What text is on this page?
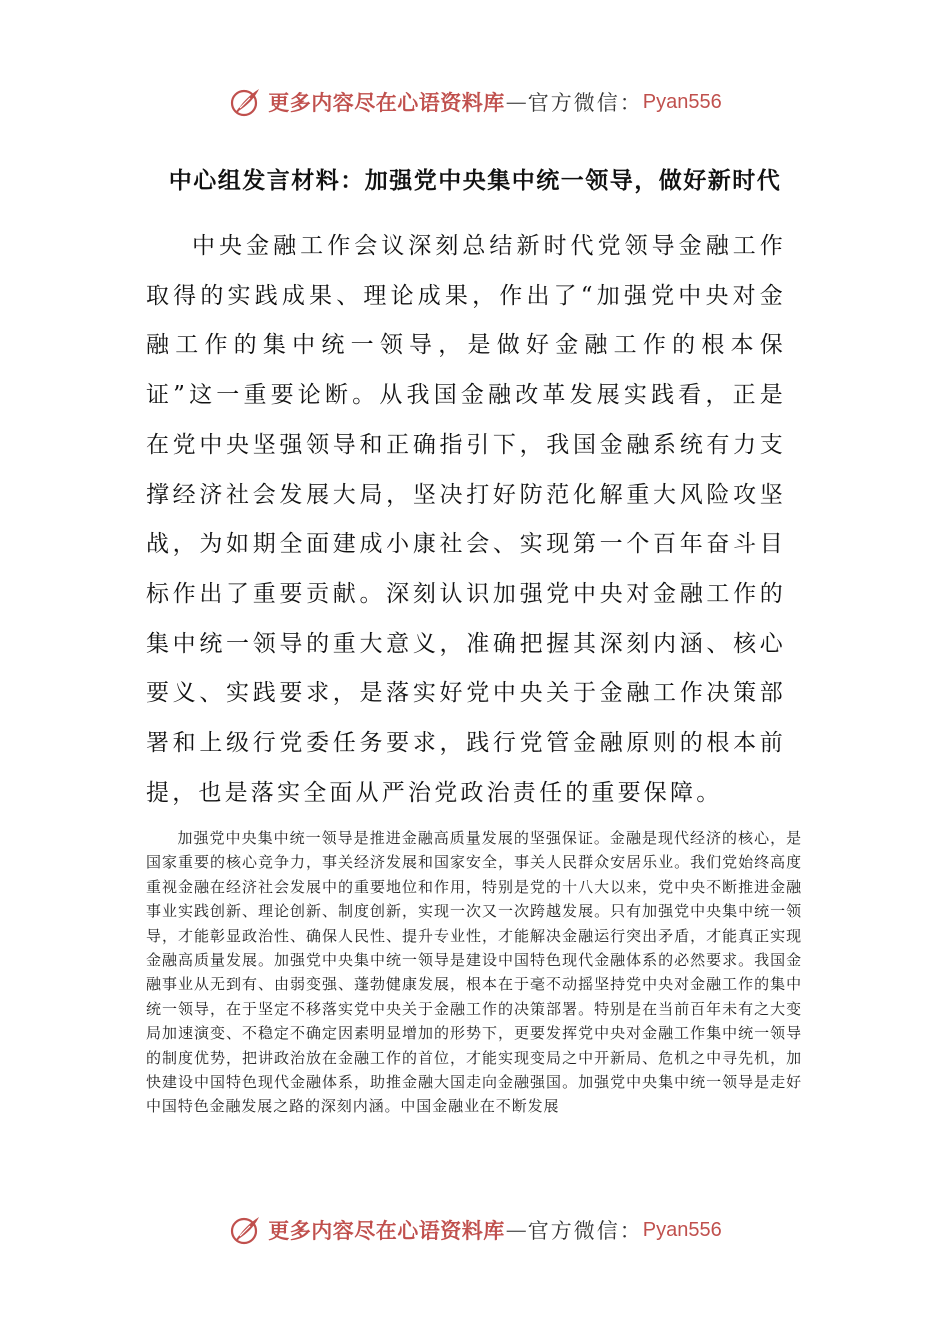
更多内容尽在心语资料库 — 官方微信： Pyan556
中心组发言材料：加强党中央集中统一领导，做好新时代

中央金融工作会议深刻总结新时代党领导金融工作取得的实践成果、理论成果，作出了“加强党中央对金融工作的集中统一领导，是做好金融工作的根本保证”这一重要论断。从我国金融改革发展实践看，正是在党中央坚强领导和正确指引下，我国金融系统有力支撑经济社会发展大局，坚决打好防范化解重大风险攻坚战，为如期全面建成小康社会、实现第一个百年奋斗目标作出了重要贡献。深刻认识加强党中央对金融工作的集中统一领导的重大意义，准确把握其深刻内涵、核心要义、实践要求，是落实好党中央关于金融工作决策部署和上级行党委任务要求，践行党管金融原则的根本前提，也是落实全面从严治党政治责任的重要保障。

加强党中央集中统一领导是推进金融高质量发展的坚强保证。金融是现代经济的核心，是国家重要的核心竞争力，事关经济发展和国家安全，事关人民群众安居乐业。我们党始终高度重视金融在经济社会发展中的重要地位和作用，特别是党的十八大以来，党中央不断推进金融事业实践创新、理论创新、制度创新，实现一次又一次跨越发展。只有加强党中央集中统一领导，才能彰显政治性、确保人民性、提升专业性，才能解决金融运行突出矛盾，才能真正实现金融高质量发展。加强党中央集中统一领导是建设中国特色现代金融体系的必然要求。我国金融事业从无到有、由弱变强、蓬勃健康发展，根本在于毫不动摇坚持党中央对金融工作的集中统一领导，在于坚定不移落实党中央关于金融工作的决策部署。特别是在当前百年未有之大变局加速演变、不稳定不确定因素明显增加的形势下，更要发挥党中央对金融工作集中统一领导的制度优势，把讲政治放在金融工作的首位，才能实现变局之中开新局、危机之中寻先机，加快建设中国特色现代金融体系，助推金融大国走向金融强国。加强党中央集中统一领导是走好中国特色金融发展之路的深刻内涵。中国金融业在不断发展

更多内容尽在心语资料库 — 官方微信： Pyan556
